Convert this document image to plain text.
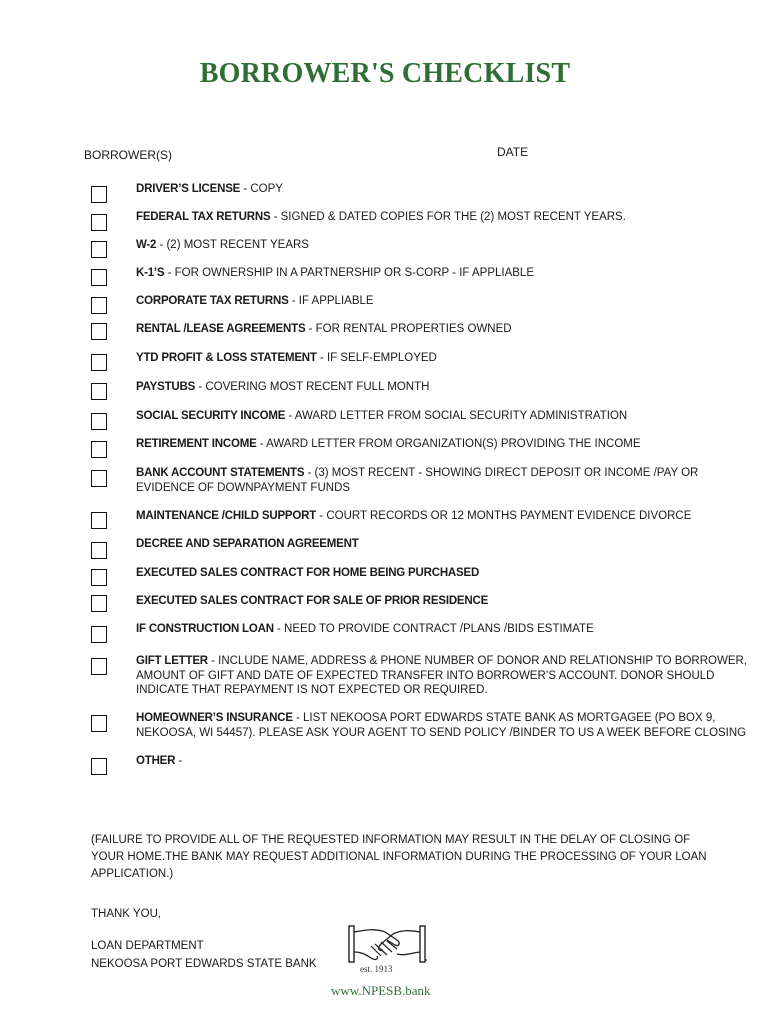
BORROWER'S CHECKLIST
BORROWER(S)	DATE
DRIVER’S LICENSE - COPY
FEDERAL TAX RETURNS - SIGNED & DATED COPIES FOR THE (2) MOST RECENT YEARS.
W-2 - (2) MOST RECENT YEARS
K-1’S - FOR OWNERSHIP IN A PARTNERSHIP OR S-CORP - IF APPLIABLE
CORPORATE TAX RETURNS - IF APPLIABLE
RENTAL /LEASE AGREEMENTS - FOR RENTAL PROPERTIES OWNED
YTD PROFIT & LOSS STATEMENT - IF SELF-EMPLOYED
PAYSTUBS - COVERING MOST RECENT FULL MONTH
SOCIAL SECURITY INCOME - AWARD LETTER FROM SOCIAL SECURITY ADMINISTRATION
RETIREMENT INCOME - AWARD LETTER FROM ORGANIZATION(S) PROVIDING THE INCOME
BANK ACCOUNT STATEMENTS - (3) MOST RECENT - SHOWING DIRECT DEPOSIT OR INCOME /PAY OR EVIDENCE OF DOWNPAYMENT FUNDS
MAINTENANCE /CHILD SUPPORT - COURT RECORDS OR 12 MONTHS PAYMENT EVIDENCE DIVORCE
DECREE AND SEPARATION AGREEMENT
EXECUTED SALES CONTRACT FOR HOME BEING PURCHASED
EXECUTED SALES CONTRACT FOR SALE OF PRIOR RESIDENCE
IF CONSTRUCTION LOAN - NEED TO PROVIDE CONTRACT /PLANS /BIDS ESTIMATE
GIFT LETTER - INCLUDE NAME, ADDRESS & PHONE NUMBER OF DONOR AND RELATIONSHIP TO BORROWER, AMOUNT OF GIFT AND DATE OF EXPECTED TRANSFER INTO BORROWER’S ACCOUNT. DONOR SHOULD INDICATE THAT REPAYMENT IS NOT EXPECTED OR REQUIRED.
HOMEOWNER’S INSURANCE - LIST NEKOOSA PORT EDWARDS STATE BANK AS MORTGAGEE (PO BOX 9, NEKOOSA, WI 54457). PLEASE ASK YOUR AGENT TO SEND POLICY /BINDER TO US A WEEK BEFORE CLOSING
OTHER -
(FAILURE TO PROVIDE ALL OF THE REQUESTED INFORMATION MAY RESULT IN THE DELAY OF CLOSING OF YOUR HOME.THE BANK MAY REQUEST ADDITIONAL INFORMATION DURING THE PROCESSING OF YOUR LOAN APPLICATION.)
THANK YOU,
LOAN DEPARTMENT
NEKOOSA PORT EDWARDS STATE BANK	est. 1913
www.NPESB.bank
